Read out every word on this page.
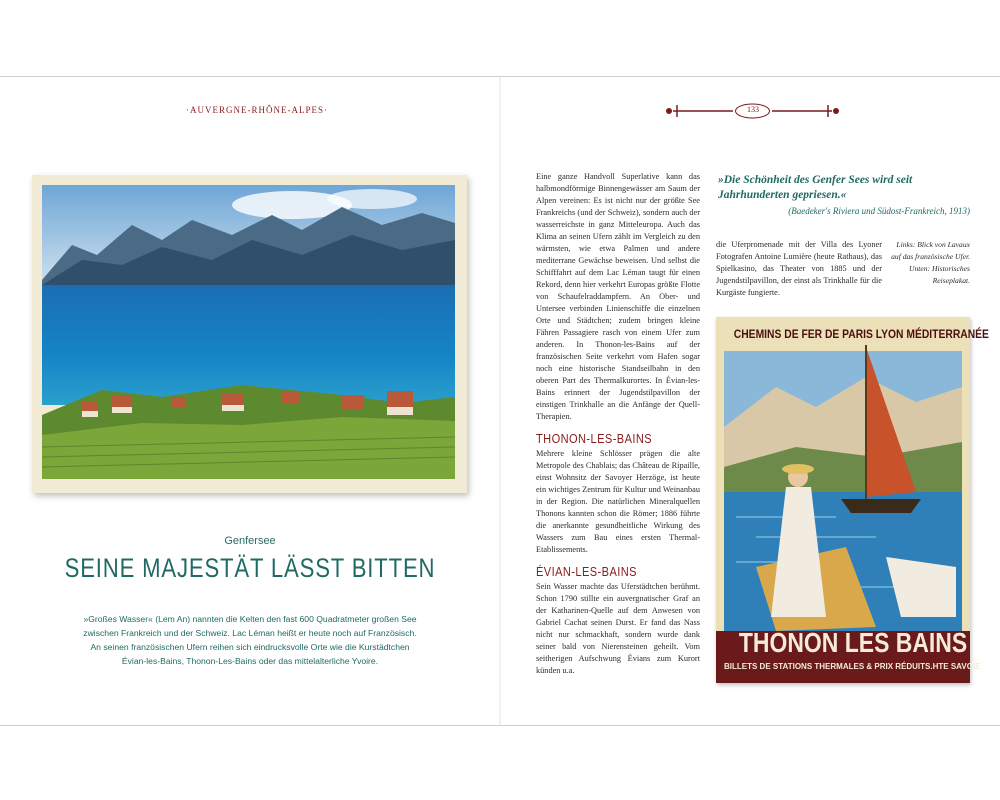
·AUVERGNE-RHÔNE-ALPES·
Genfersee
SEINE MAJESTÄT LÄSST BITTEN
»Großes Wasser« (Lem An) nannten die Kelten den fast 600 Quadratmeter großen See zwischen Frankreich und der Schweiz. Lac Léman heißt er heute noch auf Französisch. An seinen französischen Ufern reihen sich eindrucksvolle Orte wie die Kurstädtchen Évian-les-Bains, Thonon-Les-Bains oder das mittelalterliche Yvoire.
133

Eine ganze Handvoll Superlative kann das halbmondförmige Binnengewässer am Saum der Alpen vereinen: Es ist nicht nur der größte See Frankreichs (und der Schweiz), sondern auch der wasserreichste in ganz Mitteleuropa. Auch das Klima an seinen Ufern zählt im Vergleich zu den wärmsten, wie etwa Palmen und andere mediterrane Gewächse beweisen. Und selbst die Schifffahrt auf dem Lac Léman taugt für einen Rekord, denn hier verkehrt Europas größte Flotte von Schaufelraddampfern. An Ober- und Untersee verbinden Linienschiffe die einzelnen Orte und Städtchen; zudem bringen kleine Fähren Passagiere rasch von einem Ufer zum anderen. In Thonon-les-Bains auf der französischen Seite verkehrt vom Hafen sogar noch eine historische Standseilbahn in den oberen Part des Thermalkurortes. In Évian-les-Bains erinnert der Jugendstilpavillon der einstigen Trinkhalle an die Anfänge der Quell-Therapien.

THONON-LES-BAINS

Mehrere kleine Schlösser prägen die alte Metropole des Chablais; das Château de Ripaille, einst Wohnsitz der Savoyer Herzöge, ist heute ein wichtiges Zentrum für Kultur und Weinanbau in der Region. Die natürlichen Mineralquellen Thonons kannten schon die Römer; 1886 führte die anerkannte gesundheitliche Wirkung des Wassers zum Bau eines ersten Thermal-Etablissements.

ÉVIAN-LES-BAINS

Sein Wasser machte das Uferstädtchen berühmt. Schon 1790 stillte ein auvergnatischer Graf an der Katharinen-Quelle auf dem Anwesen von Gabriel Cachat seinen Durst. Er fand das Nass nicht nur schmackhaft, sondern wurde dank seiner bald von Nierensteinen geheilt. Vom seitherigen Aufschwung Évians zum Kurort künden u.a.

»Die Schönheit des Genfer Sees wird seit Jahrhunderten gepriesen.«
(Baedeker's Riviera und Südost-Frankreich, 1913)
die Uferpromenade mit der Villa des Lyoner Fotografen Antoine Lumière (heute Rathaus), das Spielkasino, das Theater von 1885 und der Jugendstilpavillon, der einst als Trinkhalle für die Kurgäste fungierte.
Links: Blick von Lavaux auf das französische Ufer. Unten: Historisches Reiseplakat.
CHEMINS DE FER DE PARIS LYON MÉDITERRANÉE
THONON LES BAINS
BILLETS DE STATIONS THERMALES & PRIX RÉDUITS. HTE SAVOIE
